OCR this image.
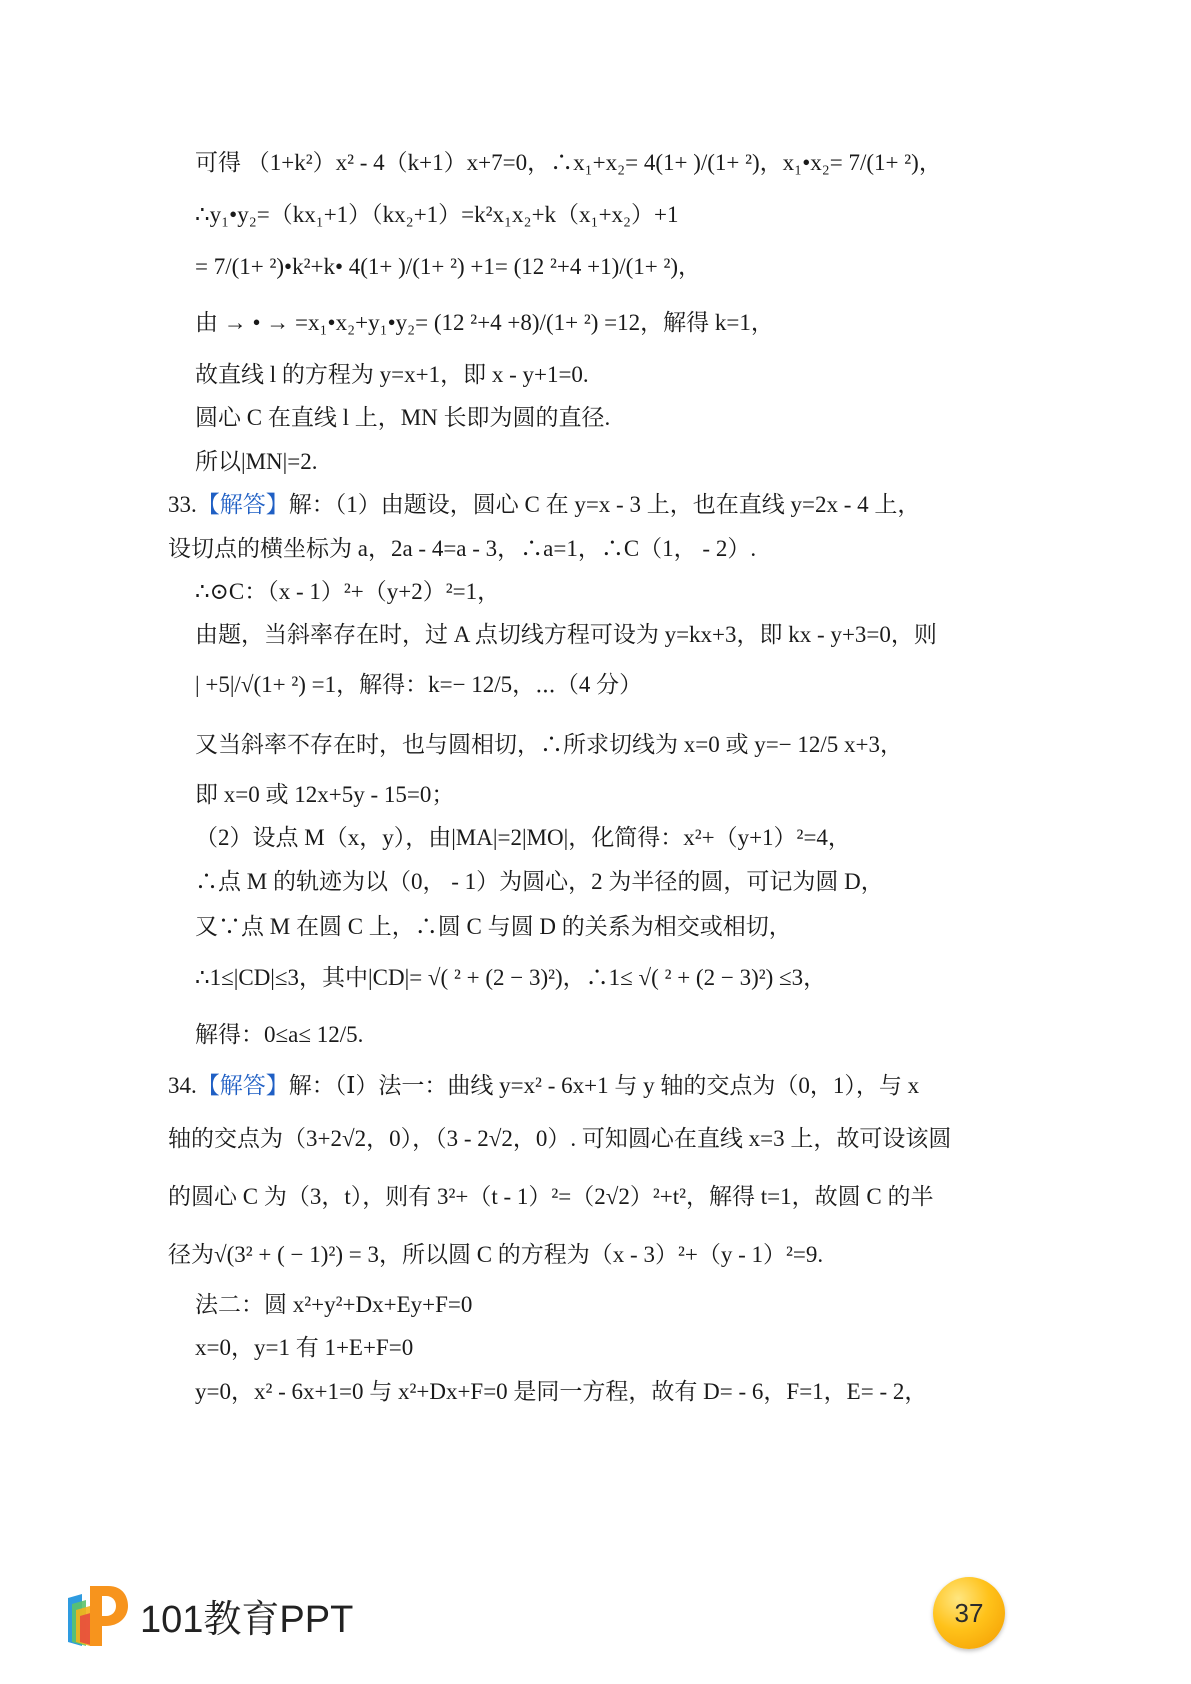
可得 （1+k²）x² - 4（k+1）x+7=0，∴x₁+x₂= 4(1+ )/(1+ ²)，x₁•x₂= 7/(1+ ²)，
∴y₁•y₂=（kx₁+1）（kx₂+1）=k²x₁x₂+k（x₁+x₂）+1
= 7/(1+ ²)•k²+k• 4(1+ )/(1+ ²) +1= (12 ²+4 +1)/(1+ ²)，
由 → • → =x₁•x₂+y₁•y₂= (12 ²+4 +8)/(1+ ²) =12，解得 k=1，
故直线 l 的方程为 y=x+1，即 x - y+1=0.
圆心 C 在直线 l 上，MN 长即为圆的直径.
所以|MN|=2.
33.【解答】解：（1）由题设，圆心 C 在 y=x - 3 上，也在直线 y=2x - 4 上，
设切点的横坐标为 a，2a - 4=a - 3，∴a=1，∴C（1， - 2）.
∴⊙C：（x - 1）²+（y+2）²=1，
由题，当斜率存在时，过 A 点切线方程可设为 y=kx+3，即 kx - y+3=0，则
| +5|/√(1+ ²) =1，解得：k=− 12/5，⋯（4 分）
又当斜率不存在时，也与圆相切，∴所求切线为 x=0 或 y=− 12/5 x+3，
即 x=0 或 12x+5y - 15=0；
（2）设点 M（x，y），由|MA|=2|MO|，化简得：x²+（y+1）²=4，
∴点 M 的轨迹为以（0， - 1）为圆心，2 为半径的圆，可记为圆 D，
又∵点 M 在圆 C 上，∴圆 C 与圆 D 的关系为相交或相切，
∴1≤|CD|≤3，其中|CD|= √( ² + (2 − 3)²)，∴1≤ √( ² + (2 − 3)²) ≤3，
解得：0≤a≤ 12/5.
34.【解答】解：（Ⅰ）法一：曲线 y=x² - 6x+1 与 y 轴的交点为（0，1），与 x
轴的交点为（3+2√2，0），（3 - 2√2，0）. 可知圆心在直线 x=3 上，故可设该圆
的圆心 C 为（3，t），则有 3²+（t - 1）²=（2√2）²+t²，解得 t=1，故圆 C 的半
径为√(3² + ( − 1)²) = 3，所以圆 C 的方程为（x - 3）²+（y - 1）²=9.
法二：圆 x²+y²+Dx+Ey+F=0
x=0，y=1 有 1+E+F=0
y=0，x² - 6x+1=0 与 x²+Dx+F=0 是同一方程，故有 D= - 6，F=1，E= - 2，
101教育PPT	37
